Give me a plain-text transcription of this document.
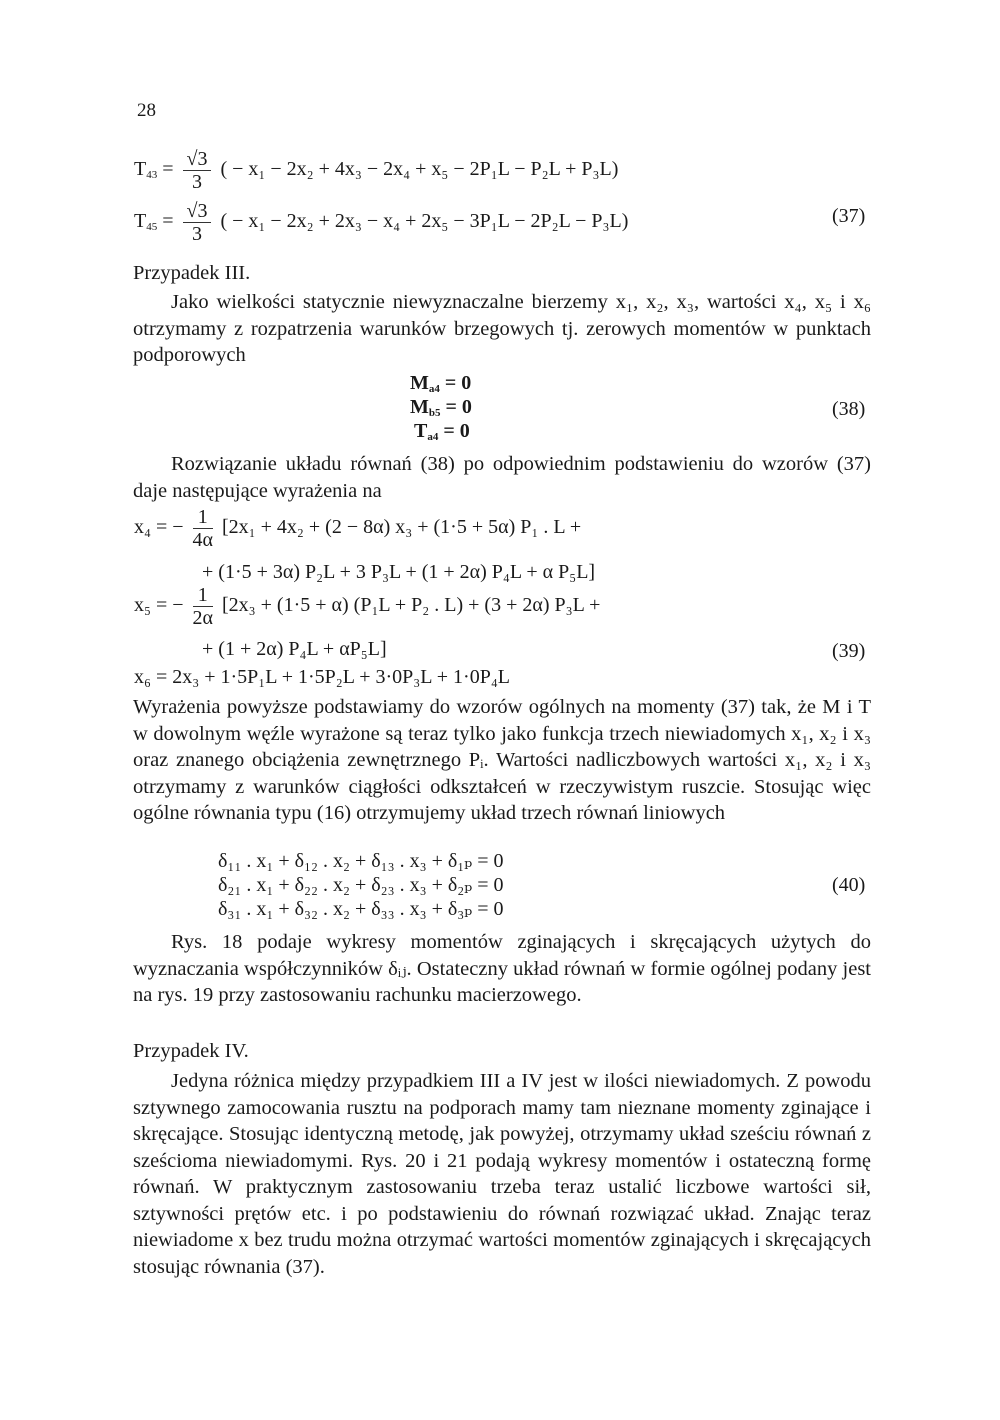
28
$T_{43} = \frac{√3}{3}$ ( − x₁ − 2x₂ + 4x₃ − 2x₄ + x₅ − 2P₁L − P₂L + P₃L)
$T_{45} = \frac{√3}{3}$ ( − x₁ − 2x₂ + 2x₃ − x₄ + 2x₅ − 3P₁L − 2P₂L − P₃L)	(37)
Przypadek III.

Jako wielkości statycznie niewyznaczalne bierzemy x₁, x₂, x₃, wartości x₄, x₅ i x₆ otrzymamy z rozpatrzenia warunków brzegowych tj. zerowych momentów w punktach podporowych

$M_{a4} = 0$
$M_{b5} = 0$
$T_{a4} = 0$
(38)

Rozwiązanie układu równań (38) po odpowiednim podstawieniu do wzorów (37) daje następujące wyrażenia na

x₄ = − $\frac{1}{4\alpha} [2x_1 + 4x_2 + (2 - 8\alpha) x_3 + (1\cdot 5 + 5\alpha)$ P₁ . L +
+ (1·5 + 3α) P₂L + 3 P₃L + (1 + 2α) P₄L + α P₅L]
x₅ = − $\frac{1}{2\alpha} [2x_3 + (1\cdot 5 + \alpha) (P_1L + P_2$ . L) + (3 + 2α) P₃L +
+ (1 + 2α) P₄L + αP₅L]	(39)
x₆ = 2x₃ + 1·5P₁L + 1·5P₂L + 3·0P₃L + 1·0P₄L

Wyrażenia powyższe podstawiamy do wzorów ogólnych na momenty (37) tak, że M i T w dowolnym węźle wyrażone są teraz tylko jako funkcja trzech niewiadomych x₁, x₂ i x₃ oraz znanego obciążenia zewnętrznego Pᵢ. Wartości nadliczbowych wartości x₁, x₂ i x₃ otrzymamy z warunków ciągłości odkształceń w rzeczywistym ruszcie. Stosując więc ogólne równania typu (16) otrzymujemy układ trzech równań liniowych

δ₁₁ . x₁ + δ₁₂ . x₂ + δ₁₃ . x₃ + δ₁ₚ = 0
δ₂₁ . x₁ + δ₂₂ . x₂ + δ₂₃ . x₃ + δ₂ₚ = 0
δ₃₁ . x₁ + δ₃₂ . x₂ + δ₃₃ . x₃ + δ₃ₚ = 0
(40)

Rys. 18 podaje wykresy momentów zginających i skręcających użytych do wyznaczania współczynników δᵢⱼ. Ostateczny układ równań w formie ogólnej podany jest na rys. 19 przy zastosowaniu rachunku macierzowego.

Przypadek IV.

Jedyna różnica między przypadkiem III a IV jest w ilości niewiadomych. Z powodu sztywnego zamocowania rusztu na podporach mamy tam nieznane momenty zginające i skręcające. Stosując identyczną metodę, jak powyżej, otrzymamy układ sześciu równań z sześcioma niewiadomymi. Rys. 20 i 21 podają wykresy momentów i ostateczną formę równań. W praktycznym zastosowaniu trzeba teraz ustalić liczbowe wartości sił, sztywności prętów etc. i po podstawieniu do równań rozwiązać układ. Znając teraz niewiadome x bez trudu można otrzymać wartości momentów zginających i skręcających stosując równania (37).
